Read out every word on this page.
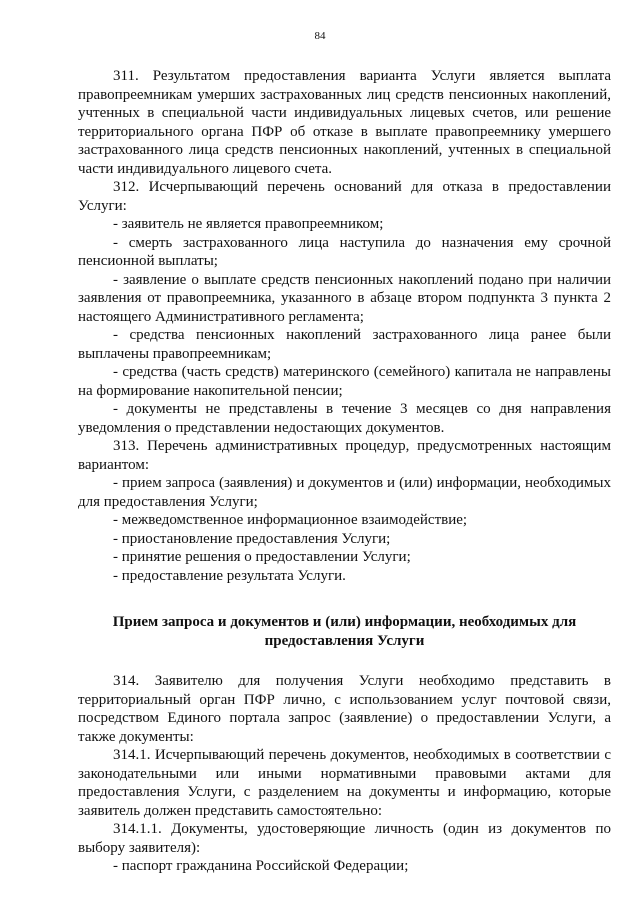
84

311. Результатом предоставления варианта Услуги является выплата правопреемникам умерших застрахованных лиц средств пенсионных накоплений, учтенных в специальной части индивидуальных лицевых счетов, или решение территориального органа ПФР об отказе в выплате правопреемнику умершего застрахованного лица средств пенсионных накоплений, учтенных в специальной части индивидуального лицевого счета.

312. Исчерпывающий перечень оснований для отказа в предоставлении Услуги:

- заявитель не является правопреемником;

- смерть застрахованного лица наступила до назначения ему срочной пенсионной выплаты;

- заявление о выплате средств пенсионных накоплений подано при наличии заявления от правопреемника, указанного в абзаце втором подпункта 3 пункта 2 настоящего Административного регламента;

- средства пенсионных накоплений застрахованного лица ранее были выплачены правопреемникам;

- средства (часть средств) материнского (семейного) капитала не направлены на формирование накопительной пенсии;

- документы не представлены в течение 3 месяцев со дня направления уведомления о представлении недостающих документов.

313. Перечень административных процедур, предусмотренных настоящим вариантом:

- прием запроса (заявления) и документов и (или) информации, необходимых для предоставления Услуги;

- межведомственное информационное взаимодействие;

- приостановление предоставления Услуги;

- принятие решения о предоставлении Услуги;

- предоставление результата Услуги.

Прием запроса и документов и (или) информации, необходимых для предоставления Услуги

314. Заявителю для получения Услуги необходимо представить в территориальный орган ПФР лично, с использованием услуг почтовой связи, посредством Единого портала запрос (заявление) о предоставлении Услуги, а также документы:

314.1. Исчерпывающий перечень документов, необходимых в соответствии с законодательными или иными нормативными правовыми актами для предоставления Услуги, с разделением на документы и информацию, которые заявитель должен представить самостоятельно:

314.1.1. Документы, удостоверяющие личность (один из документов по выбору заявителя):

- паспорт гражданина Российской Федерации;
